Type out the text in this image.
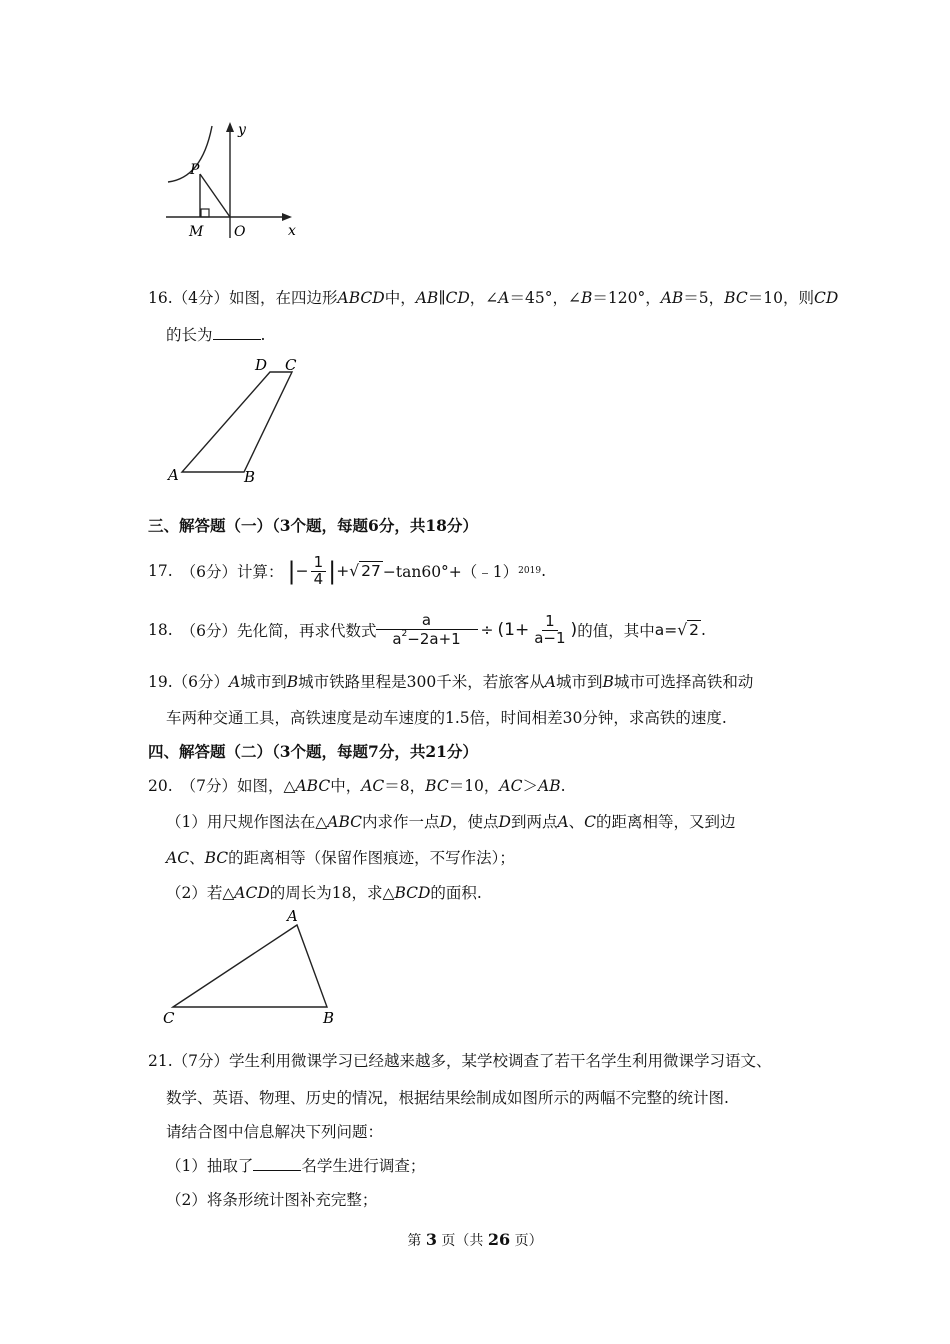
y
x
P
M O
16.（4分）如图，在四边形ABCD中，AB∥CD，∠A＝45°，∠B＝120°，AB＝5，BC＝10，则CD
的长为	.
A	B
D C
三、解答题（一）（3个题，每题6分，共18分）
17. （6分）计算： | − $\frac{1}{4}$ | + √ 27 −tan60°+（﹣1） 2019 .
18. （6分）先化简，再求代数式 $\frac{a}{a^2-2a+1} \div (1+ \frac{1}{a-1}$ ) 的值，其中 a= √ 2 .
19.（6分）A城市到B城市铁路里程是300千米，若旅客从A城市到B城市可选择高铁和动
车两种交通工具，高铁速度是动车速度的1.5倍，时间相差30分钟，求高铁的速度.
四、解答题（二）（3个题，每题7分，共21分）
20. （7分）如图，△ABC中，AC＝8，BC＝10，AC＞AB.
（1）用尺规作图法在△ABC内求作一点D，使点D到两点A、C的距离相等，又到边
AC、BC的距离相等（保留作图痕迹，不写作法）；
（2）若△ACD的周长为18，求△BCD的面积.
A
C	B
21.（7分）学生利用微课学习已经越来越多，某学校调查了若干名学生利用微课学习语文、
数学、英语、物理、历史的情况，根据结果绘制成如图所示的两幅不完整的统计图.
请结合图中信息解决下列问题：
（1）抽取了	名学生进行调查；
（2）将条形统计图补充完整；
第 3 页（共 26 页）
